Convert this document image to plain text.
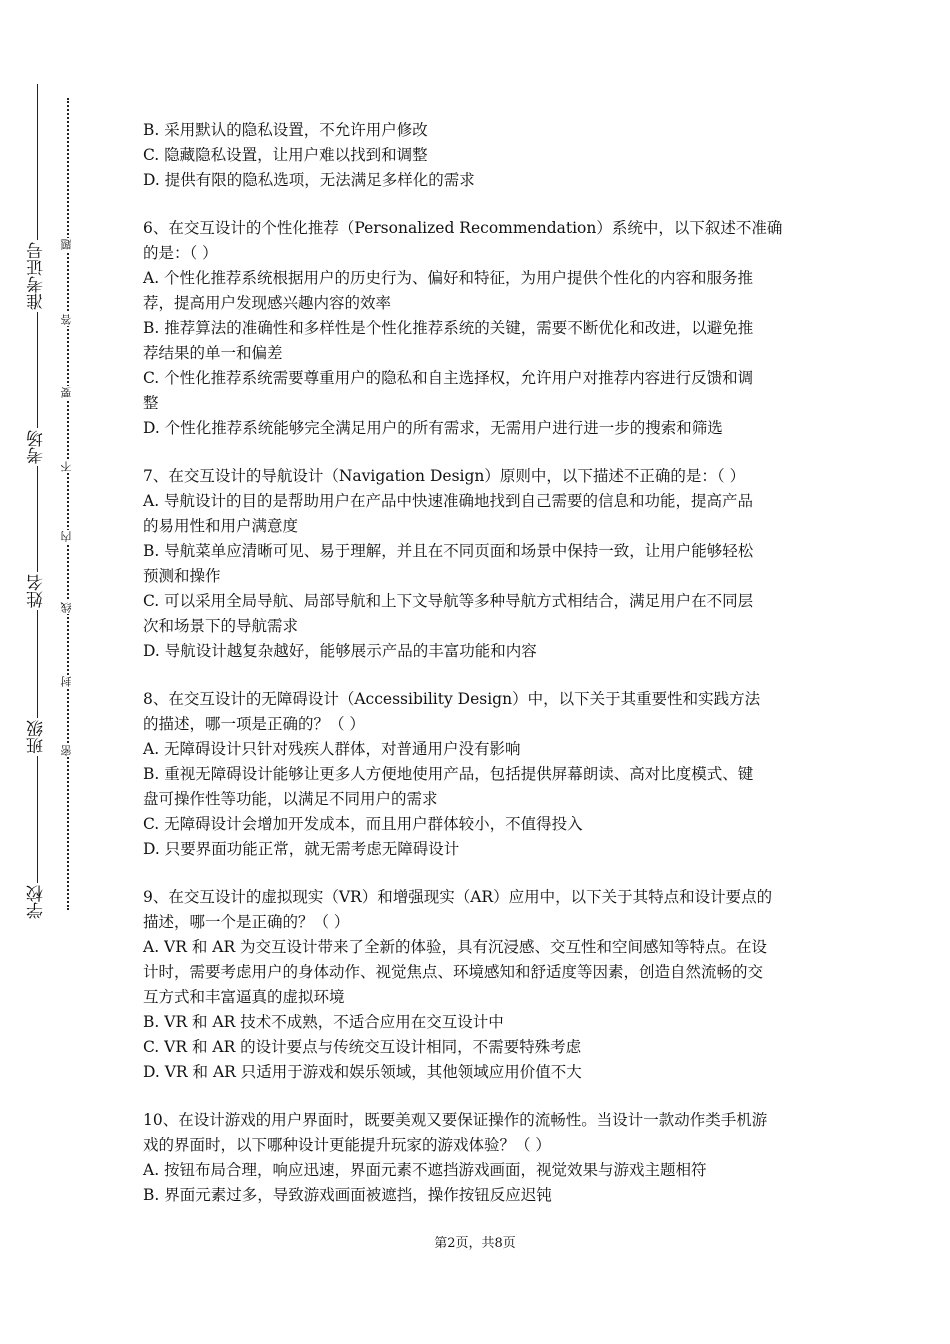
准考证号
考场
姓名
班级
学校
题
答
要
不
内
线
封
密
B. 采用默认的隐私设置，不允许用户修改
C. 隐藏隐私设置，让用户难以找到和调整
D. 提供有限的隐私选项，无法满足多样化的需求
6、在交互设计的个性化推荐（Personalized Recommendation）系统中，以下叙述不准确
的是：（ ）
A. 个性化推荐系统根据用户的历史行为、偏好和特征，为用户提供个性化的内容和服务推
荐，提高用户发现感兴趣内容的效率
B. 推荐算法的准确性和多样性是个性化推荐系统的关键，需要不断优化和改进，以避免推
荐结果的单一和偏差
C. 个性化推荐系统需要尊重用户的隐私和自主选择权，允许用户对推荐内容进行反馈和调
整
D. 个性化推荐系统能够完全满足用户的所有需求，无需用户进行进一步的搜索和筛选
7、在交互设计的导航设计（Navigation Design）原则中，以下描述不正确的是：（ ）
A. 导航设计的目的是帮助用户在产品中快速准确地找到自己需要的信息和功能，提高产品
的易用性和用户满意度
B. 导航菜单应清晰可见、易于理解，并且在不同页面和场景中保持一致，让用户能够轻松
预测和操作
C. 可以采用全局导航、局部导航和上下文导航等多种导航方式相结合，满足用户在不同层
次和场景下的导航需求
D. 导航设计越复杂越好，能够展示产品的丰富功能和内容
8、在交互设计的无障碍设计（Accessibility Design）中，以下关于其重要性和实践方法
的描述，哪一项是正确的？（ ）
A. 无障碍设计只针对残疾人群体，对普通用户没有影响
B. 重视无障碍设计能够让更多人方便地使用产品，包括提供屏幕朗读、高对比度模式、键
盘可操作性等功能，以满足不同用户的需求
C. 无障碍设计会增加开发成本，而且用户群体较小，不值得投入
D. 只要界面功能正常，就无需考虑无障碍设计
9、在交互设计的虚拟现实（VR）和增强现实（AR）应用中，以下关于其特点和设计要点的
描述，哪一个是正确的？（ ）
A. VR 和 AR 为交互设计带来了全新的体验，具有沉浸感、交互性和空间感知等特点。在设
计时，需要考虑用户的身体动作、视觉焦点、环境感知和舒适度等因素，创造自然流畅的交
互方式和丰富逼真的虚拟环境
B. VR 和 AR 技术不成熟，不适合应用在交互设计中
C. VR 和 AR 的设计要点与传统交互设计相同，不需要特殊考虑
D. VR 和 AR 只适用于游戏和娱乐领域，其他领域应用价值不大
10、在设计游戏的用户界面时，既要美观又要保证操作的流畅性。当设计一款动作类手机游
戏的界面时，以下哪种设计更能提升玩家的游戏体验？（ ）
A. 按钮布局合理，响应迅速，界面元素不遮挡游戏画面，视觉效果与游戏主题相符
B. 界面元素过多，导致游戏画面被遮挡，操作按钮反应迟钝
第2页，共8页
